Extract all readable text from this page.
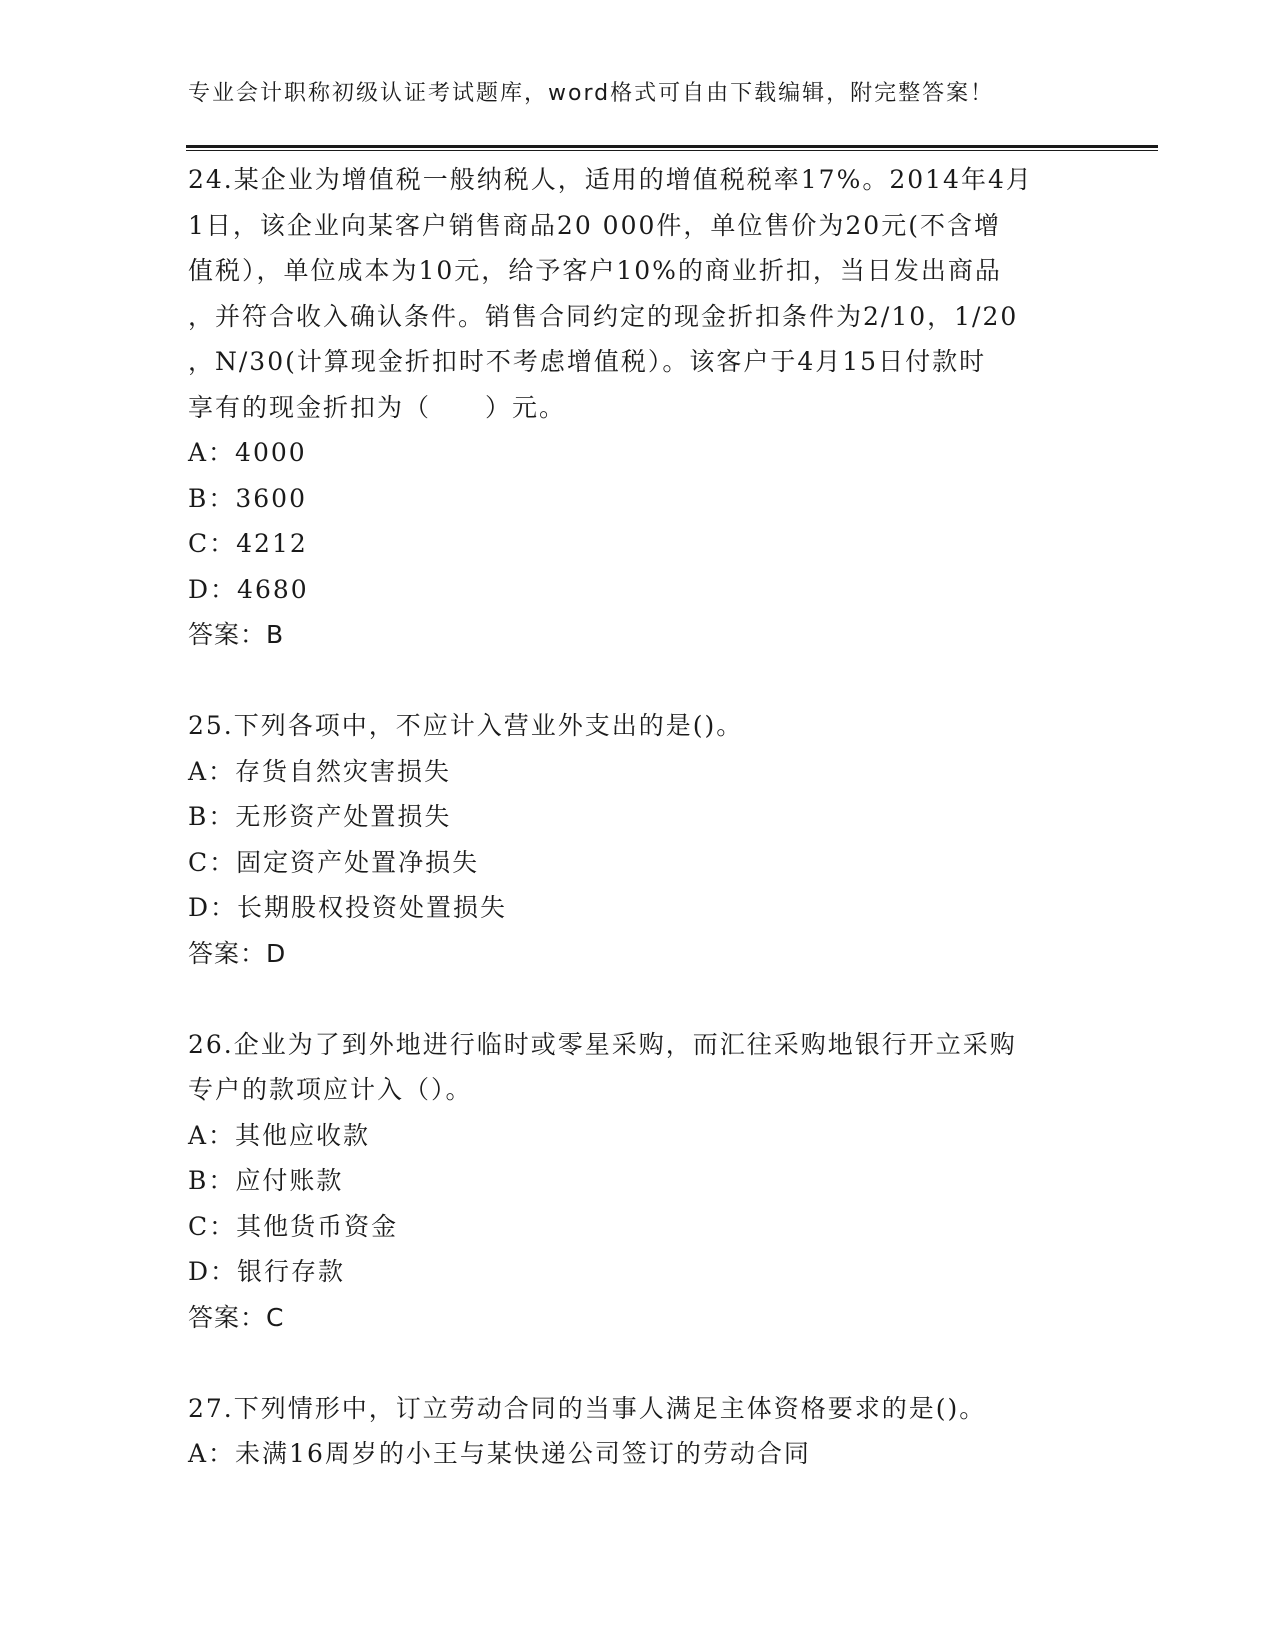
专业会计职称初级认证考试题库，word格式可自由下载编辑，附完整答案！

24.某企业为增值税一般纳税人，适用的增值税税率17%。2014年4月

1日，该企业向某客户销售商品20 000件，单位售价为20元(不含增

值税），单位成本为10元，给予客户10%的商业折扣，当日发出商品

，并符合收入确认条件。销售合同约定的现金折扣条件为2/10，1/20

，N/30(计算现金折扣时不考虑增值税）。该客户于4月15日付款时

享有的现金折扣为（　　）元。

A：4000

B：3600

C：4212

D：4680

答案：B

25.下列各项中，不应计入营业外支出的是()。

A：存货自然灾害损失

B：无形资产处置损失

C：固定资产处置净损失

D：长期股权投资处置损失

答案：D

26.企业为了到外地进行临时或零星采购，而汇往采购地银行开立采购

专户的款项应计入（）。

A：其他应收款

B：应付账款

C：其他货币资金

D：银行存款

答案：C

27.下列情形中，订立劳动合同的当事人满足主体资格要求的是()。

A：未满16周岁的小王与某快递公司签订的劳动合同
